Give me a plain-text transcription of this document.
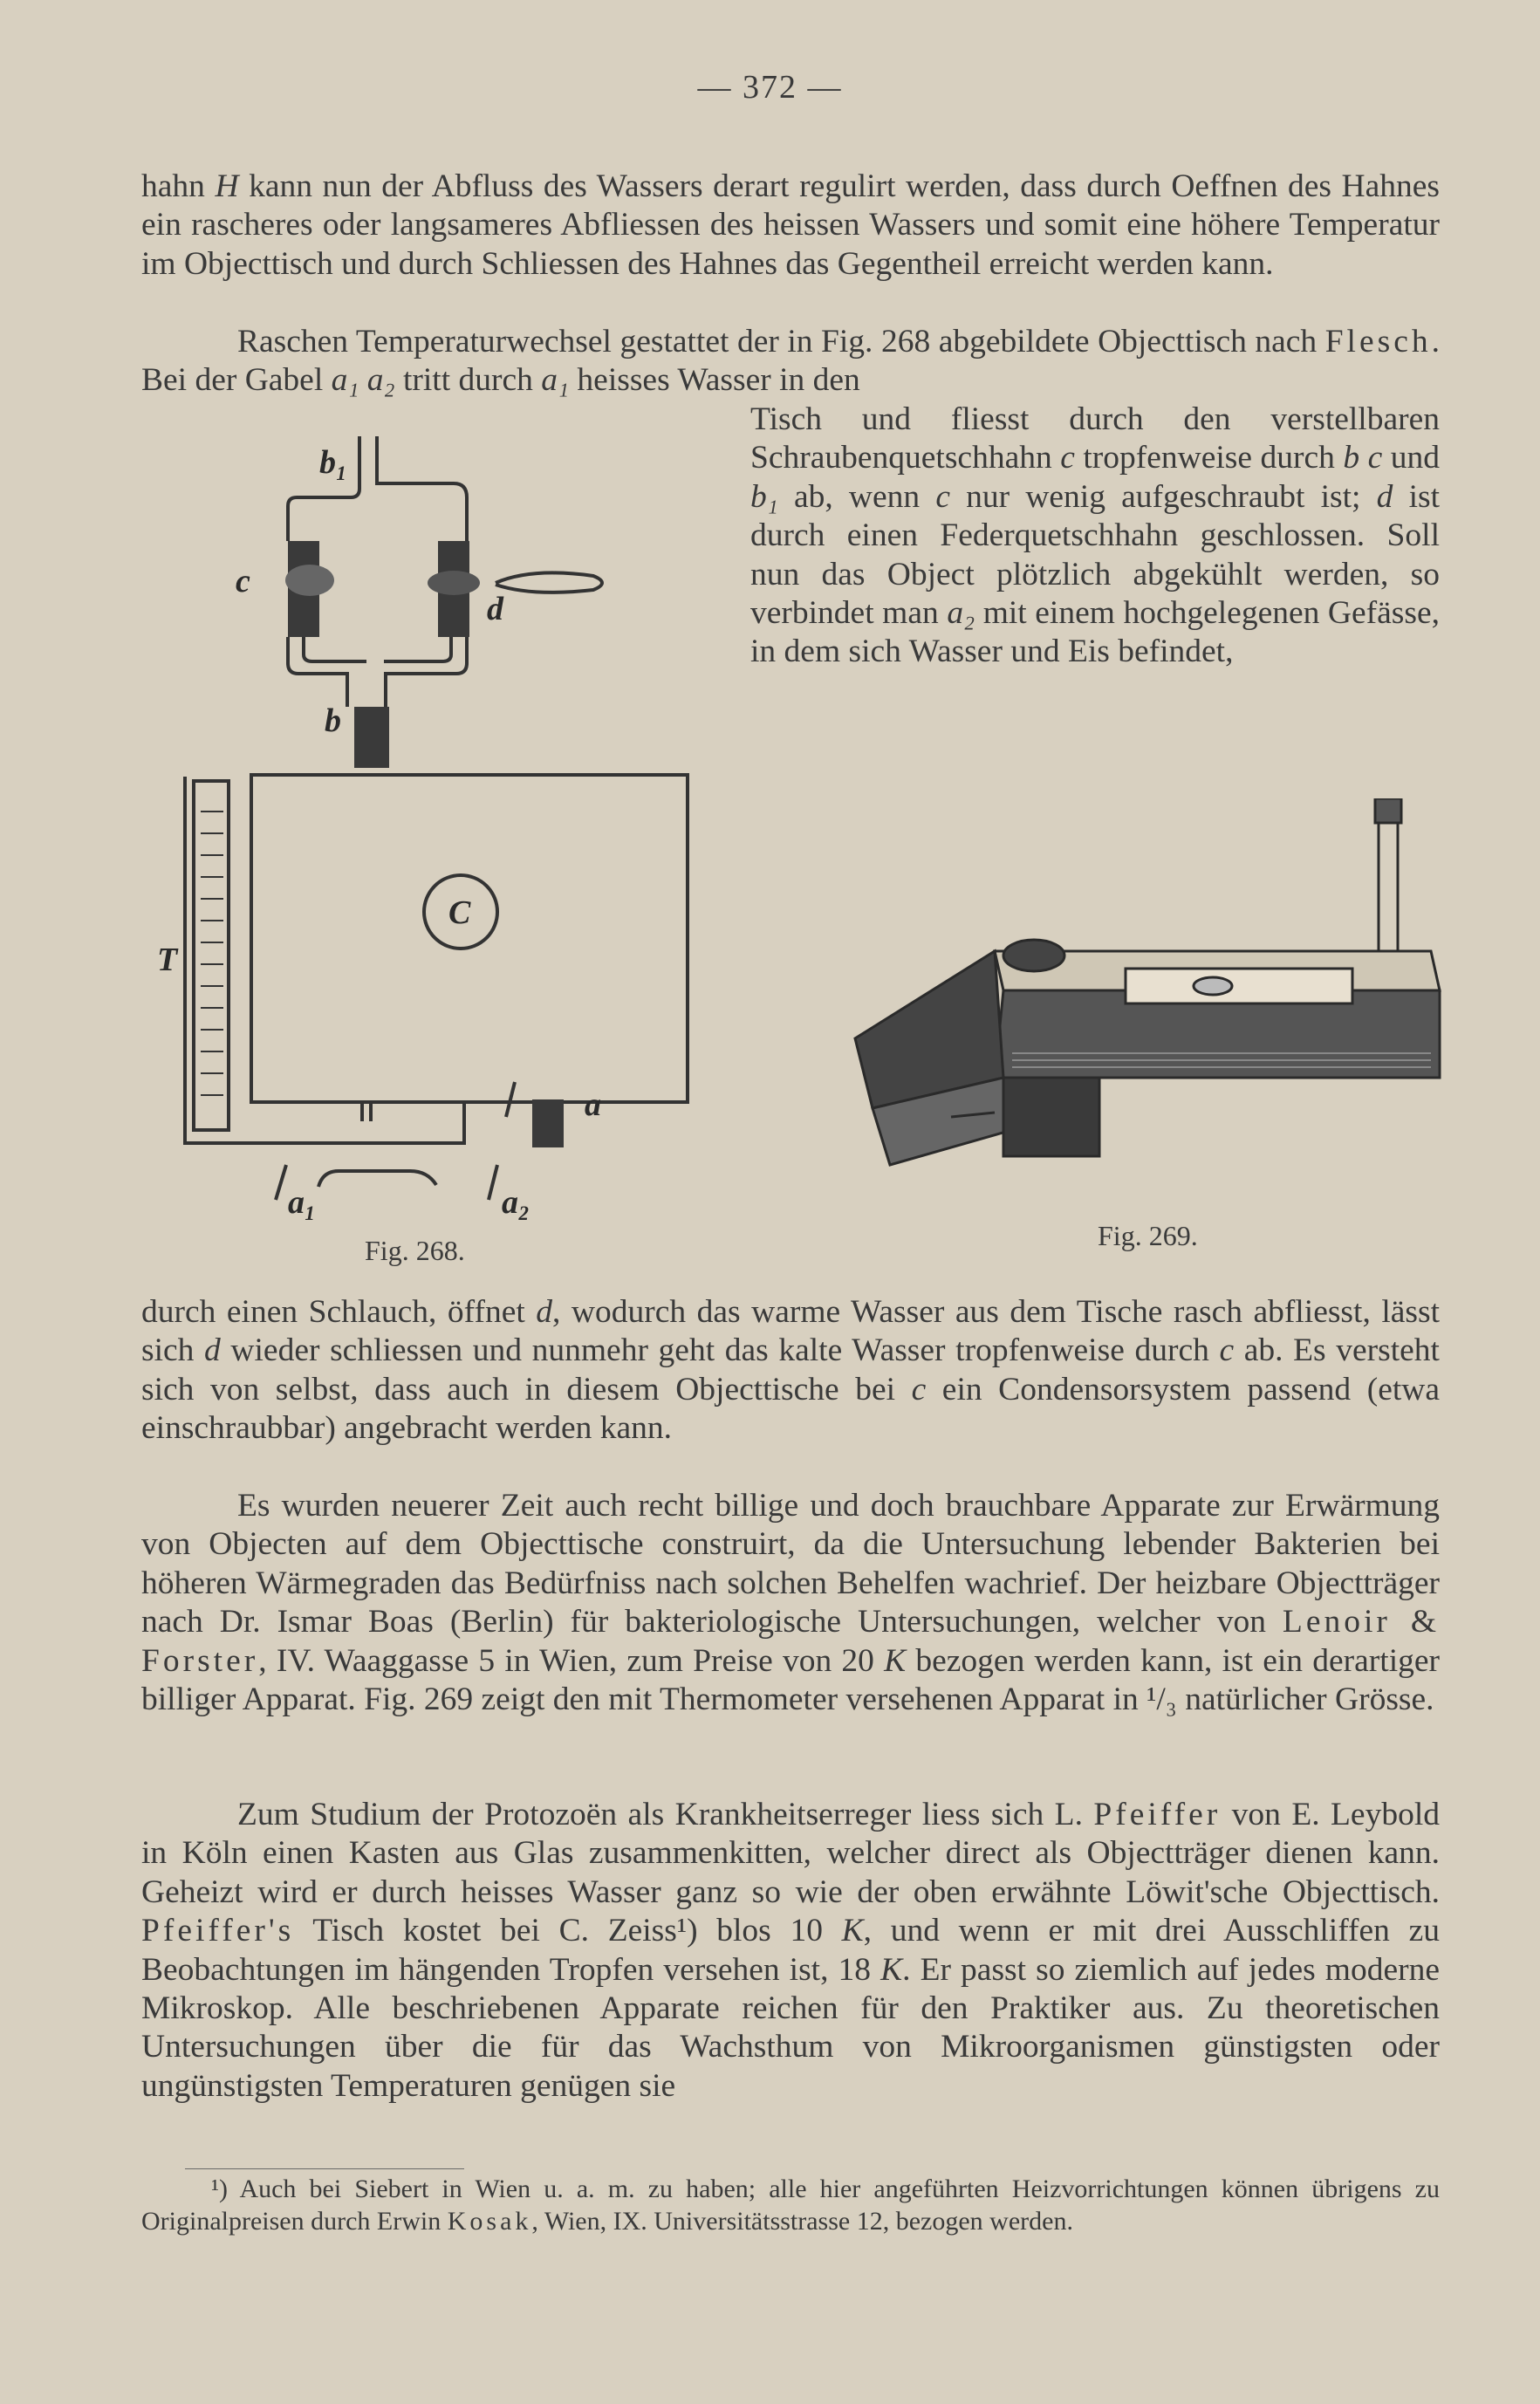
— 372 —
hahn H kann nun der Abfluss des Wassers derart regulirt werden, dass durch Oeffnen des Hahnes ein rascheres oder langsameres Abfliessen des heissen Wassers und somit eine höhere Temperatur im Objecttisch und durch Schliessen des Hahnes das Gegentheil erreicht werden kann.
Raschen Temperaturwechsel gestattet der in Fig. 268 abgebildete Objecttisch nach Flesch. Bei der Gabel a₁ a₂ tritt durch a₁ heisses Wasser in den
Tisch und fliesst durch den verstellbaren Schraubenquetschhahn c tropfenweise durch b c und b₁ ab, wenn c nur wenig aufgeschraubt ist; d ist durch einen Federquetschhahn geschlossen. Soll nun das Object plötzlich abgekühlt werden, so verbindet man a₂ mit einem hochgelegenen Gefässe, in dem sich Wasser und Eis befindet,
b₁
c
d
b
C
T
a
a₁	a₂
Fig. 268.	Fig. 269.
durch einen Schlauch, öffnet d, wodurch das warme Wasser aus dem Tische rasch abfliesst, lässt sich d wieder schliessen und nunmehr geht das kalte Wasser tropfenweise durch c ab. Es versteht sich von selbst, dass auch in diesem Objecttische bei c ein Condensorsystem passend (etwa einschraubbar) angebracht werden kann.
Es wurden neuerer Zeit auch recht billige und doch brauchbare Apparate zur Erwärmung von Objecten auf dem Objecttische construirt, da die Untersuchung lebender Bakterien bei höheren Wärmegraden das Bedürfniss nach solchen Behelfen wachrief. Der heizbare Objectträger nach Dr. Ismar Boas (Berlin) für bakteriologische Untersuchungen, welcher von Lenoir & Forster, IV. Waaggasse 5 in Wien, zum Preise von 20 K bezogen werden kann, ist ein derartiger billiger Apparat. Fig. 269 zeigt den mit Thermometer versehenen Apparat in ¹/₃ natürlicher Grösse.
Zum Studium der Protozoën als Krankheitserreger liess sich L. Pfeiffer von E. Leybold in Köln einen Kasten aus Glas zusammenkitten, welcher direct als Objectträger dienen kann. Geheizt wird er durch heisses Wasser ganz so wie der oben erwähnte Löwit'sche Objecttisch. Pfeiffer's Tisch kostet bei C. Zeiss¹) blos 10 K, und wenn er mit drei Ausschliffen zu Beobachtungen im hängenden Tropfen versehen ist, 18 K. Er passt so ziemlich auf jedes moderne Mikroskop. Alle beschriebenen Apparate reichen für den Praktiker aus. Zu theoretischen Untersuchungen über die für das Wachsthum von Mikroorganismen günstigsten oder ungünstigsten Temperaturen genügen sie
¹) Auch bei Siebert in Wien u. a. m. zu haben; alle hier angeführten Heizvorrichtungen können übrigens zu Originalpreisen durch Erwin Kosak, Wien, IX. Universitätsstrasse 12, bezogen werden.
